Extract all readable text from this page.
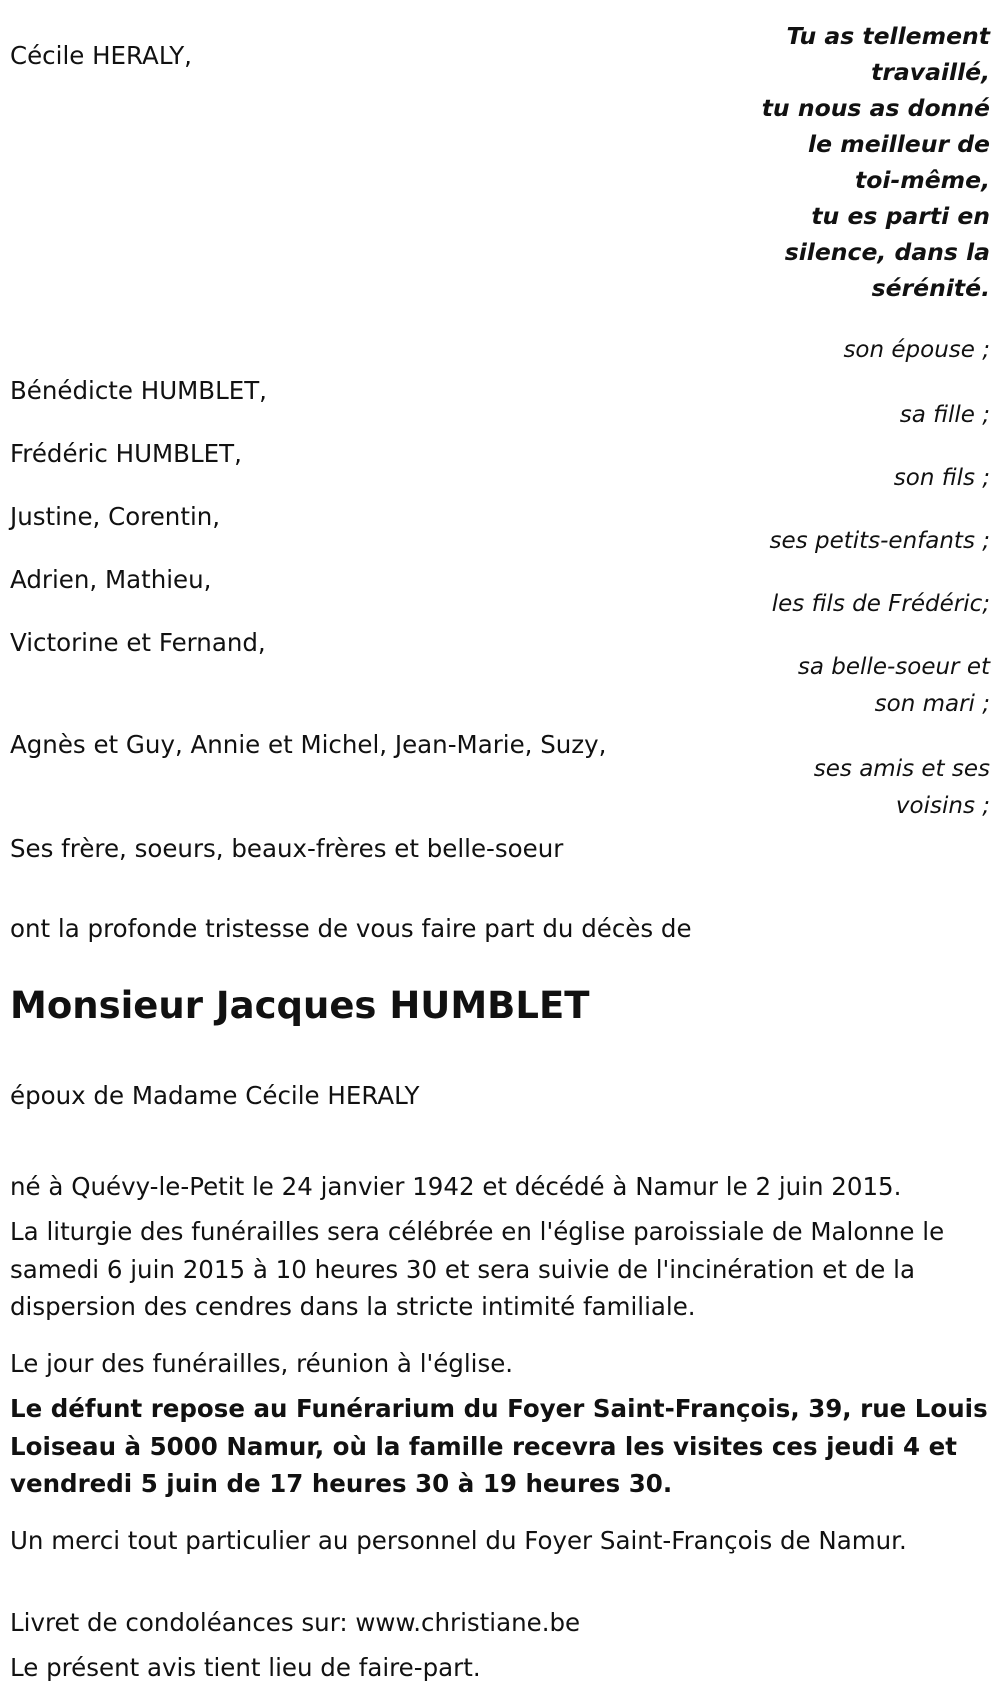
Tu as tellement
travaillé,
tu nous as donné
le meilleur de
toi-même,
tu es parti en
silence, dans la
sérénité.

Cécile HERALY,

son épouse ;

Bénédicte HUMBLET,

sa fille ;

Frédéric HUMBLET,

son fils ;

Justine, Corentin,

ses petits-enfants ;

Adrien, Mathieu,

les fils de Frédéric;

Victorine et Fernand,

sa belle-soeur et son mari ;

Agnès et Guy, Annie et Michel, Jean-Marie, Suzy,

ses amis et ses voisins ;

Ses frère, soeurs, beaux-frères et belle-soeur

ont la profonde tristesse de vous faire part du décès de

Monsieur Jacques HUMBLET

époux de Madame Cécile HERALY

né à Quévy-le-Petit le 24 janvier 1942 et décédé à Namur le 2 juin 2015.

La liturgie des funérailles sera célébrée en l'église paroissiale de Malonne le samedi 6 juin 2015 à 10 heures 30 et sera suivie de l'incinération et de la dispersion des cendres dans la stricte intimité familiale.

Le jour des funérailles, réunion à l'église.

Le défunt repose au Funérarium du Foyer Saint-François, 39, rue Louis Loiseau à 5000 Namur, où la famille recevra les visites ces jeudi 4 et vendredi 5 juin de 17 heures 30 à 19 heures 30.

Un merci tout particulier au personnel du Foyer Saint-François de Namur.

Livret de condoléances sur: www.christiane.be

Le présent avis tient lieu de faire-part.
